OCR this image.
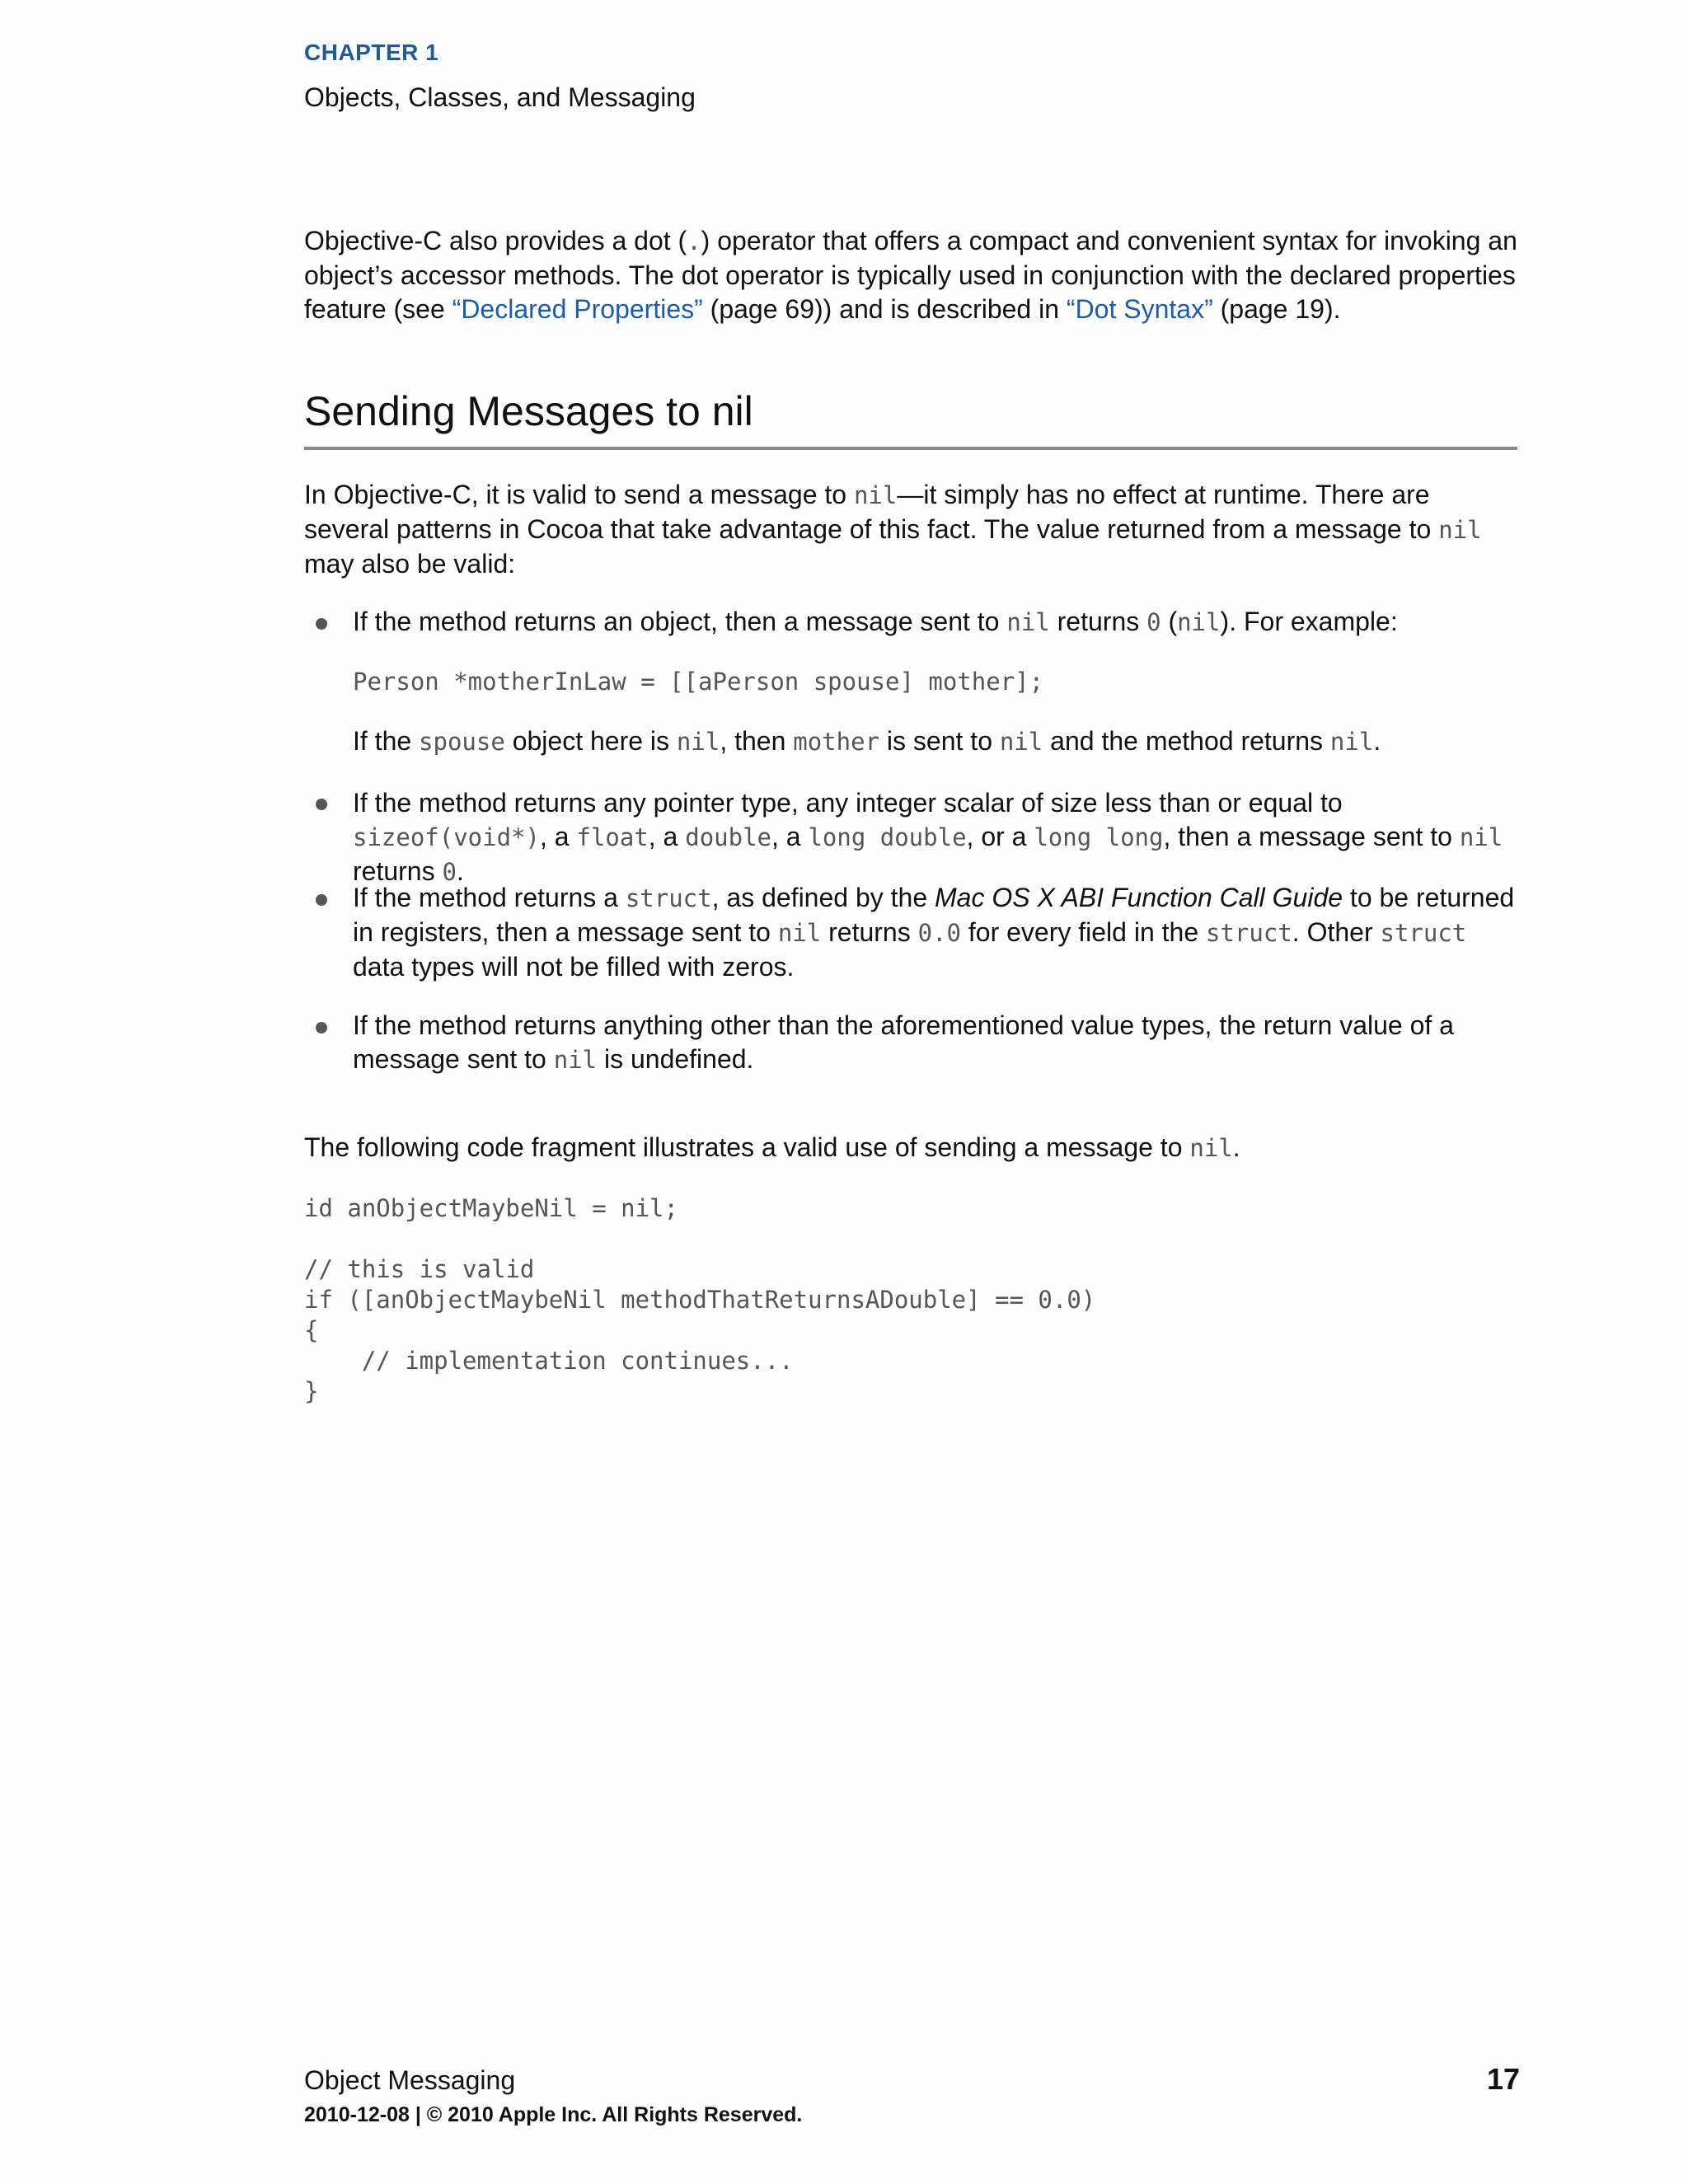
CHAPTER 1
Objects, Classes, and Messaging

Objective-C also provides a dot (.) operator that offers a compact and convenient syntax for invoking an object’s accessor methods. The dot operator is typically used in conjunction with the declared properties feature (see “Declared Properties” (page 69)) and is described in “Dot Syntax” (page 19).

Sending Messages to nil

In Objective-C, it is valid to send a message to nil—it simply has no effect at runtime. There are several patterns in Cocoa that take advantage of this fact. The value returned from a message to nil may also be valid:

If the method returns an object, then a message sent to nil returns 0 (nil). For example:

Person *motherInLaw = [[aPerson spouse] mother];

If the spouse object here is nil, then mother is sent to nil and the method returns nil.

If the method returns any pointer type, any integer scalar of size less than or equal to sizeof(void*), a float, a double, a long double, or a long long, then a message sent to nil returns 0.

If the method returns a struct, as defined by the Mac OS X ABI Function Call Guide to be returned in registers, then a message sent to nil returns 0.0 for every field in the struct. Other struct data types will not be filled with zeros.

If the method returns anything other than the aforementioned value types, the return value of a message sent to nil is undefined.

The following code fragment illustrates a valid use of sending a message to nil.

id anObjectMaybeNil = nil;

// this is valid
if ([anObjectMaybeNil methodThatReturnsADouble] == 0.0)
{
// implementation continues...
}
Object Messaging	17
2010-12-08 | © 2010 Apple Inc. All Rights Reserved.
